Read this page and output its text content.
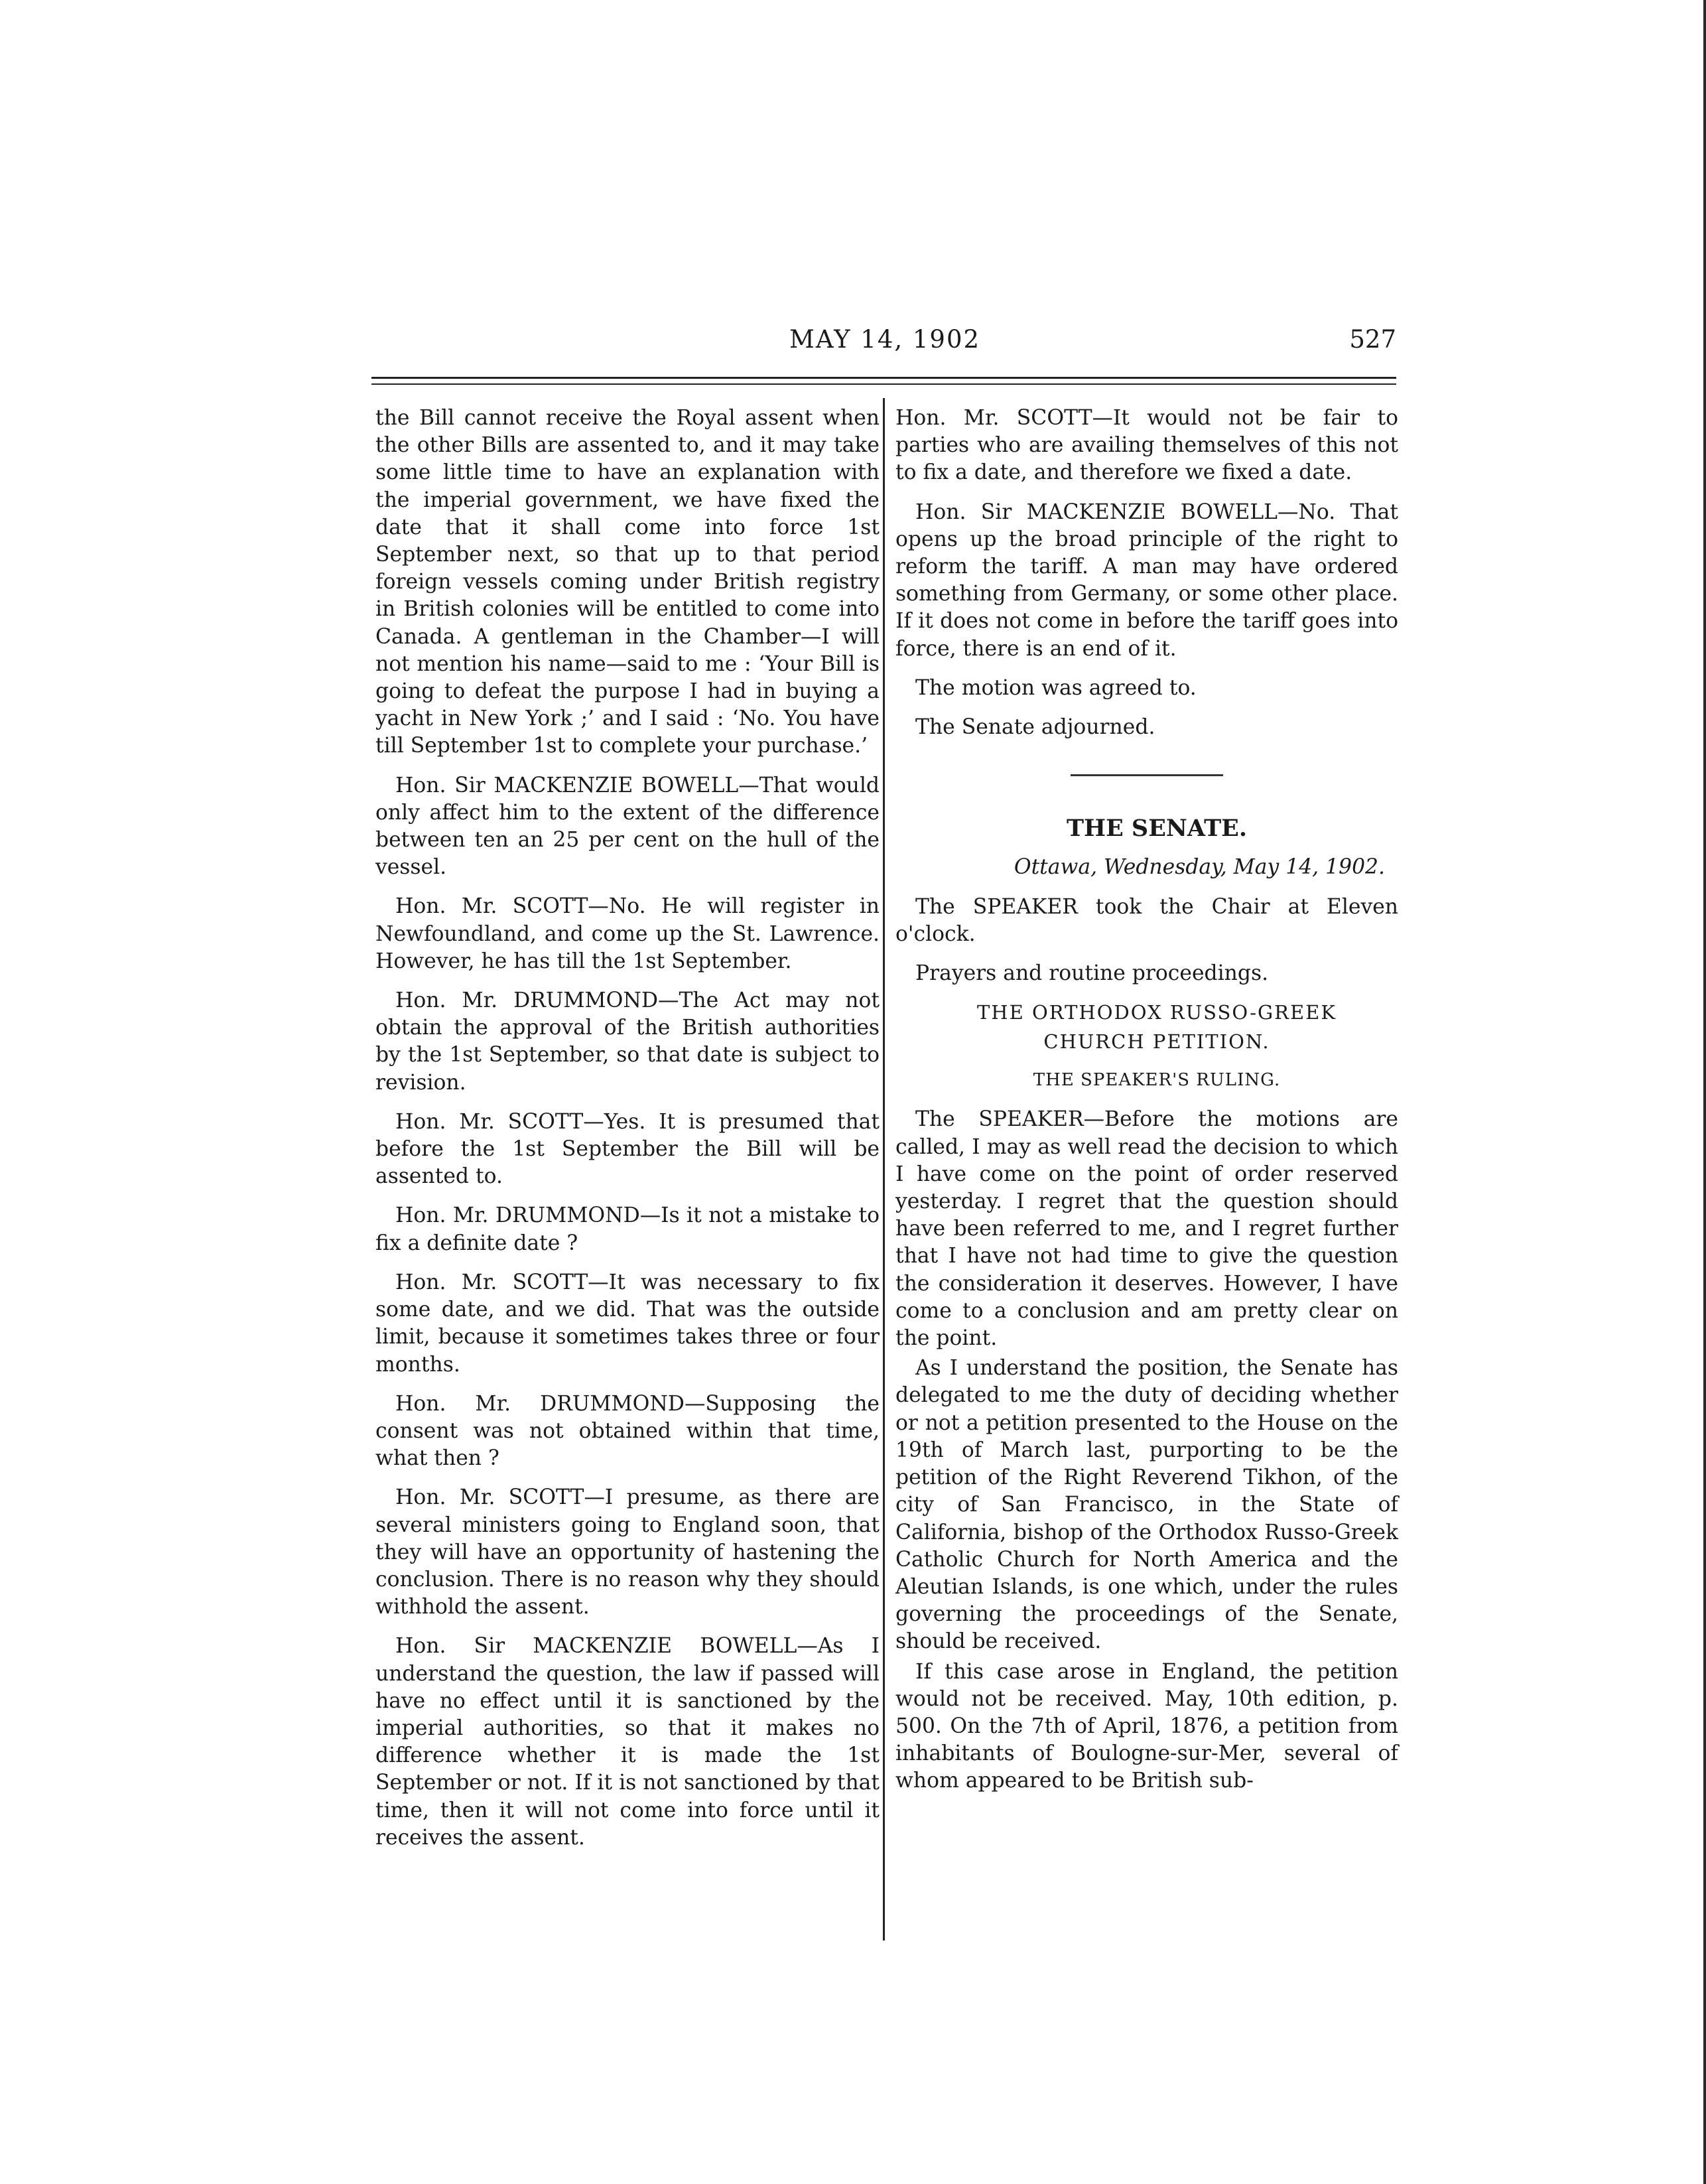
MAY 14, 1902	527

the Bill cannot receive the Royal assent when the other Bills are assented to, and it may take some little time to have an explanation with the imperial government, we have fixed the date that it shall come into force 1st September next, so that up to that period foreign vessels coming under British registry in British colonies will be entitled to come into Canada. A gentleman in the Chamber—I will not mention his name—said to me : ‘Your Bill is going to defeat the purpose I had in buying a yacht in New York ;’ and I said : ‘No. You have till September 1st to complete your purchase.’

Hon. Sir MACKENZIE BOWELL—That would only affect him to the extent of the difference between ten an 25 per cent on the hull of the vessel.

Hon. Mr. SCOTT—No. He will register in Newfoundland, and come up the St. Lawrence. However, he has till the 1st September.

Hon. Mr. DRUMMOND—The Act may not obtain the approval of the British authorities by the 1st September, so that date is subject to revision.

Hon. Mr. SCOTT—Yes. It is presumed that before the 1st September the Bill will be assented to.

Hon. Mr. DRUMMOND—Is it not a mistake to fix a definite date ?

Hon. Mr. SCOTT—It was necessary to fix some date, and we did. That was the outside limit, because it sometimes takes three or four months.

Hon. Mr. DRUMMOND—Supposing the consent was not obtained within that time, what then ?

Hon. Mr. SCOTT—I presume, as there are several ministers going to England soon, that they will have an opportunity of hastening the conclusion. There is no reason why they should withhold the assent.

Hon. Sir MACKENZIE BOWELL—As I understand the question, the law if passed will have no effect until it is sanctioned by the imperial authorities, so that it makes no difference whether it is made the 1st September or not. If it is not sanctioned by that time, then it will not come into force until it receives the assent.

Hon. Mr. SCOTT—It would not be fair to parties who are availing themselves of this not to fix a date, and therefore we fixed a date.

Hon. Sir MACKENZIE BOWELL—No. That opens up the broad principle of the right to reform the tariff. A man may have ordered something from Germany, or some other place. If it does not come in before the tariff goes into force, there is an end of it.

The motion was agreed to.

The Senate adjourned.

THE SENATE.

Ottawa, Wednesday, May 14, 1902.

The SPEAKER took the Chair at Eleven o'clock.

Prayers and routine proceedings.

THE ORTHODOX RUSSO-GREEK

CHURCH PETITION.

THE SPEAKER'S RULING.

The SPEAKER—Before the motions are called, I may as well read the decision to which I have come on the point of order reserved yesterday. I regret that the question should have been referred to me, and I regret further that I have not had time to give the question the consideration it deserves. However, I have come to a conclusion and am pretty clear on the point.

As I understand the position, the Senate has delegated to me the duty of deciding whether or not a petition presented to the House on the 19th of March last, purporting to be the petition of the Right Reverend Tikhon, of the city of San Francisco, in the State of California, bishop of the Orthodox Russo-Greek Catholic Church for North America and the Aleutian Islands, is one which, under the rules governing the proceedings of the Senate, should be received.

If this case arose in England, the petition would not be received. May, 10th edition, p. 500. On the 7th of April, 1876, a petition from inhabitants of Boulogne-sur-Mer, several of whom appeared to be British sub-
